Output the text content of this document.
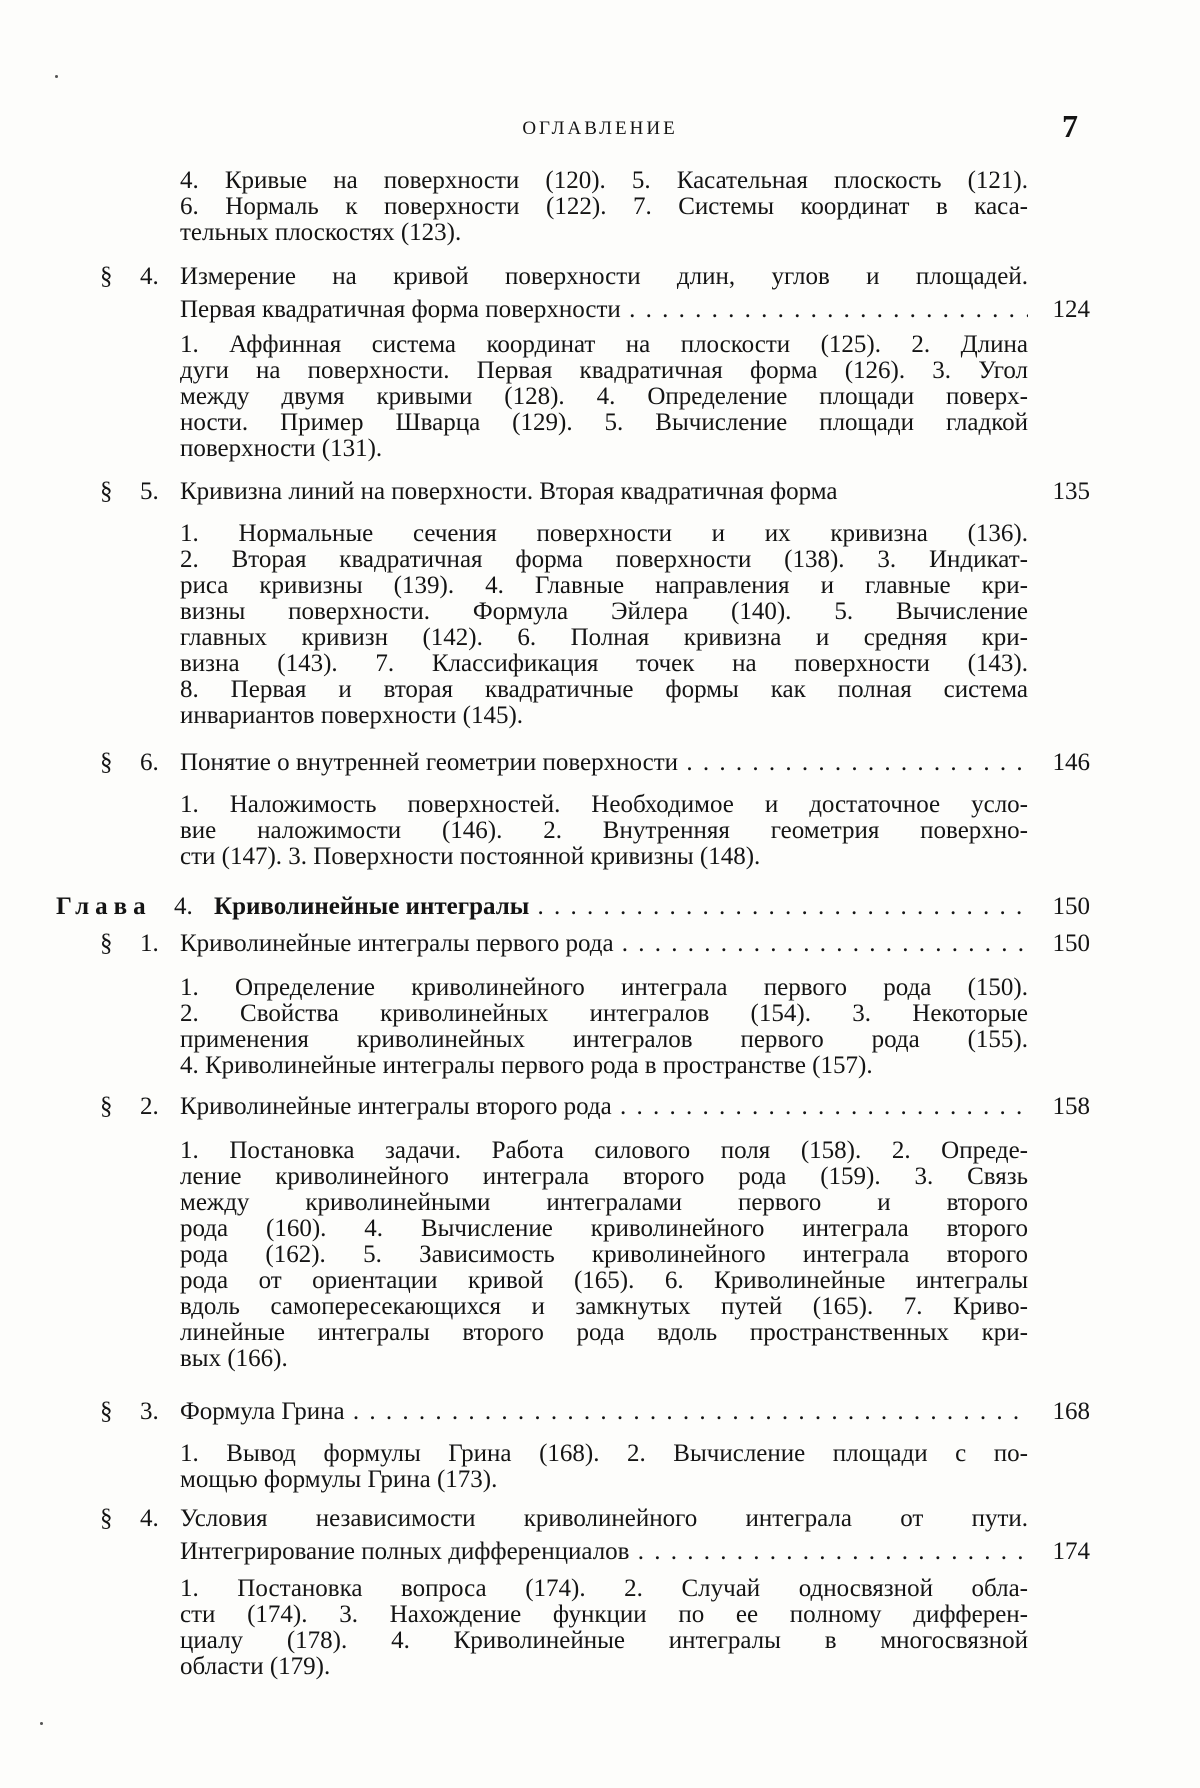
ОГЛАВЛЕНИЕ	7
4. Кривые на поверхности (120). 5. Касательная плоскость (121).
6. Нормаль к поверхности (122). 7. Системы координат в каса-
тельных плоскостях (123).
§ 4. Измерение на кривой поверхности длин, углов и площадей.
Первая квадратичная форма поверхности . . .	124
1. Аффинная система координат на плоскости (125). 2. Длина
дуги на поверхности. Первая квадратичная форма (126). 3. Угол
между двумя кривыми (128). 4. Определение площади поверх-
ности. Пример Шварца (129). 5. Вычисление площади гладкой
поверхности (131).
§ 5. Кривизна линий на поверхности. Вторая квадратичная форма	135
1. Нормальные сечения поверхности и их кривизна (136).
2. Вторая квадратичная форма поверхности (138). 3. Индикат-
риса кривизны (139). 4. Главные направления и главные кри-
визны поверхности. Формула Эйлера (140). 5. Вычисление
главных кривизн (142). 6. Полная кривизна и средняя кри-
визна (143). 7. Классификация точек на поверхности (143).
8. Первая и вторая квадратичные формы как полная система
инвариантов поверхности (145).
§ 6. Понятие о внутренней геометрии поверхности . . .	146
1. Наложимость поверхностей. Необходимое и достаточное усло-
вие наложимости (146). 2. Внутренняя геометрия поверхно-
сти (147). 3. Поверхности постоянной кривизны (148).
Глава 4. Криволинейные интегралы . . .	150
§ 1. Криволинейные интегралы первого рода . . .	150
1. Определение криволинейного интеграла первого рода (150).
2. Свойства криволинейных интегралов (154). 3. Некоторые
применения криволинейных интегралов первого рода (155).
4. Криволинейные интегралы первого рода в пространстве (157).
§ 2. Криволинейные интегралы второго рода . . .	158
1. Постановка задачи. Работа силового поля (158). 2. Опреде-
ление криволинейного интеграла второго рода (159). 3. Связь
между криволинейными интегралами первого и второго
рода (160). 4. Вычисление криволинейного интеграла второго
рода (162). 5. Зависимость криволинейного интеграла второго
рода от ориентации кривой (165). 6. Криволинейные интегралы
вдоль самопересекающихся и замкнутых путей (165). 7. Криво-
линейные интегралы второго рода вдоль пространственных кри-
вых (166).
§ 3. Формула Грина . . .	168
1. Вывод формулы Грина (168). 2. Вычисление площади с по-
мощью формулы Грина (173).
§ 4. Условия независимости криволинейного интеграла от пути.
Интегрирование полных дифференциалов . . .	174
1. Постановка вопроса (174). 2. Случай односвязной обла-
сти (174). 3. Нахождение функции по ее полному дифферен-
циалу (178). 4. Криволинейные интегралы в многосвязной
области (179).
